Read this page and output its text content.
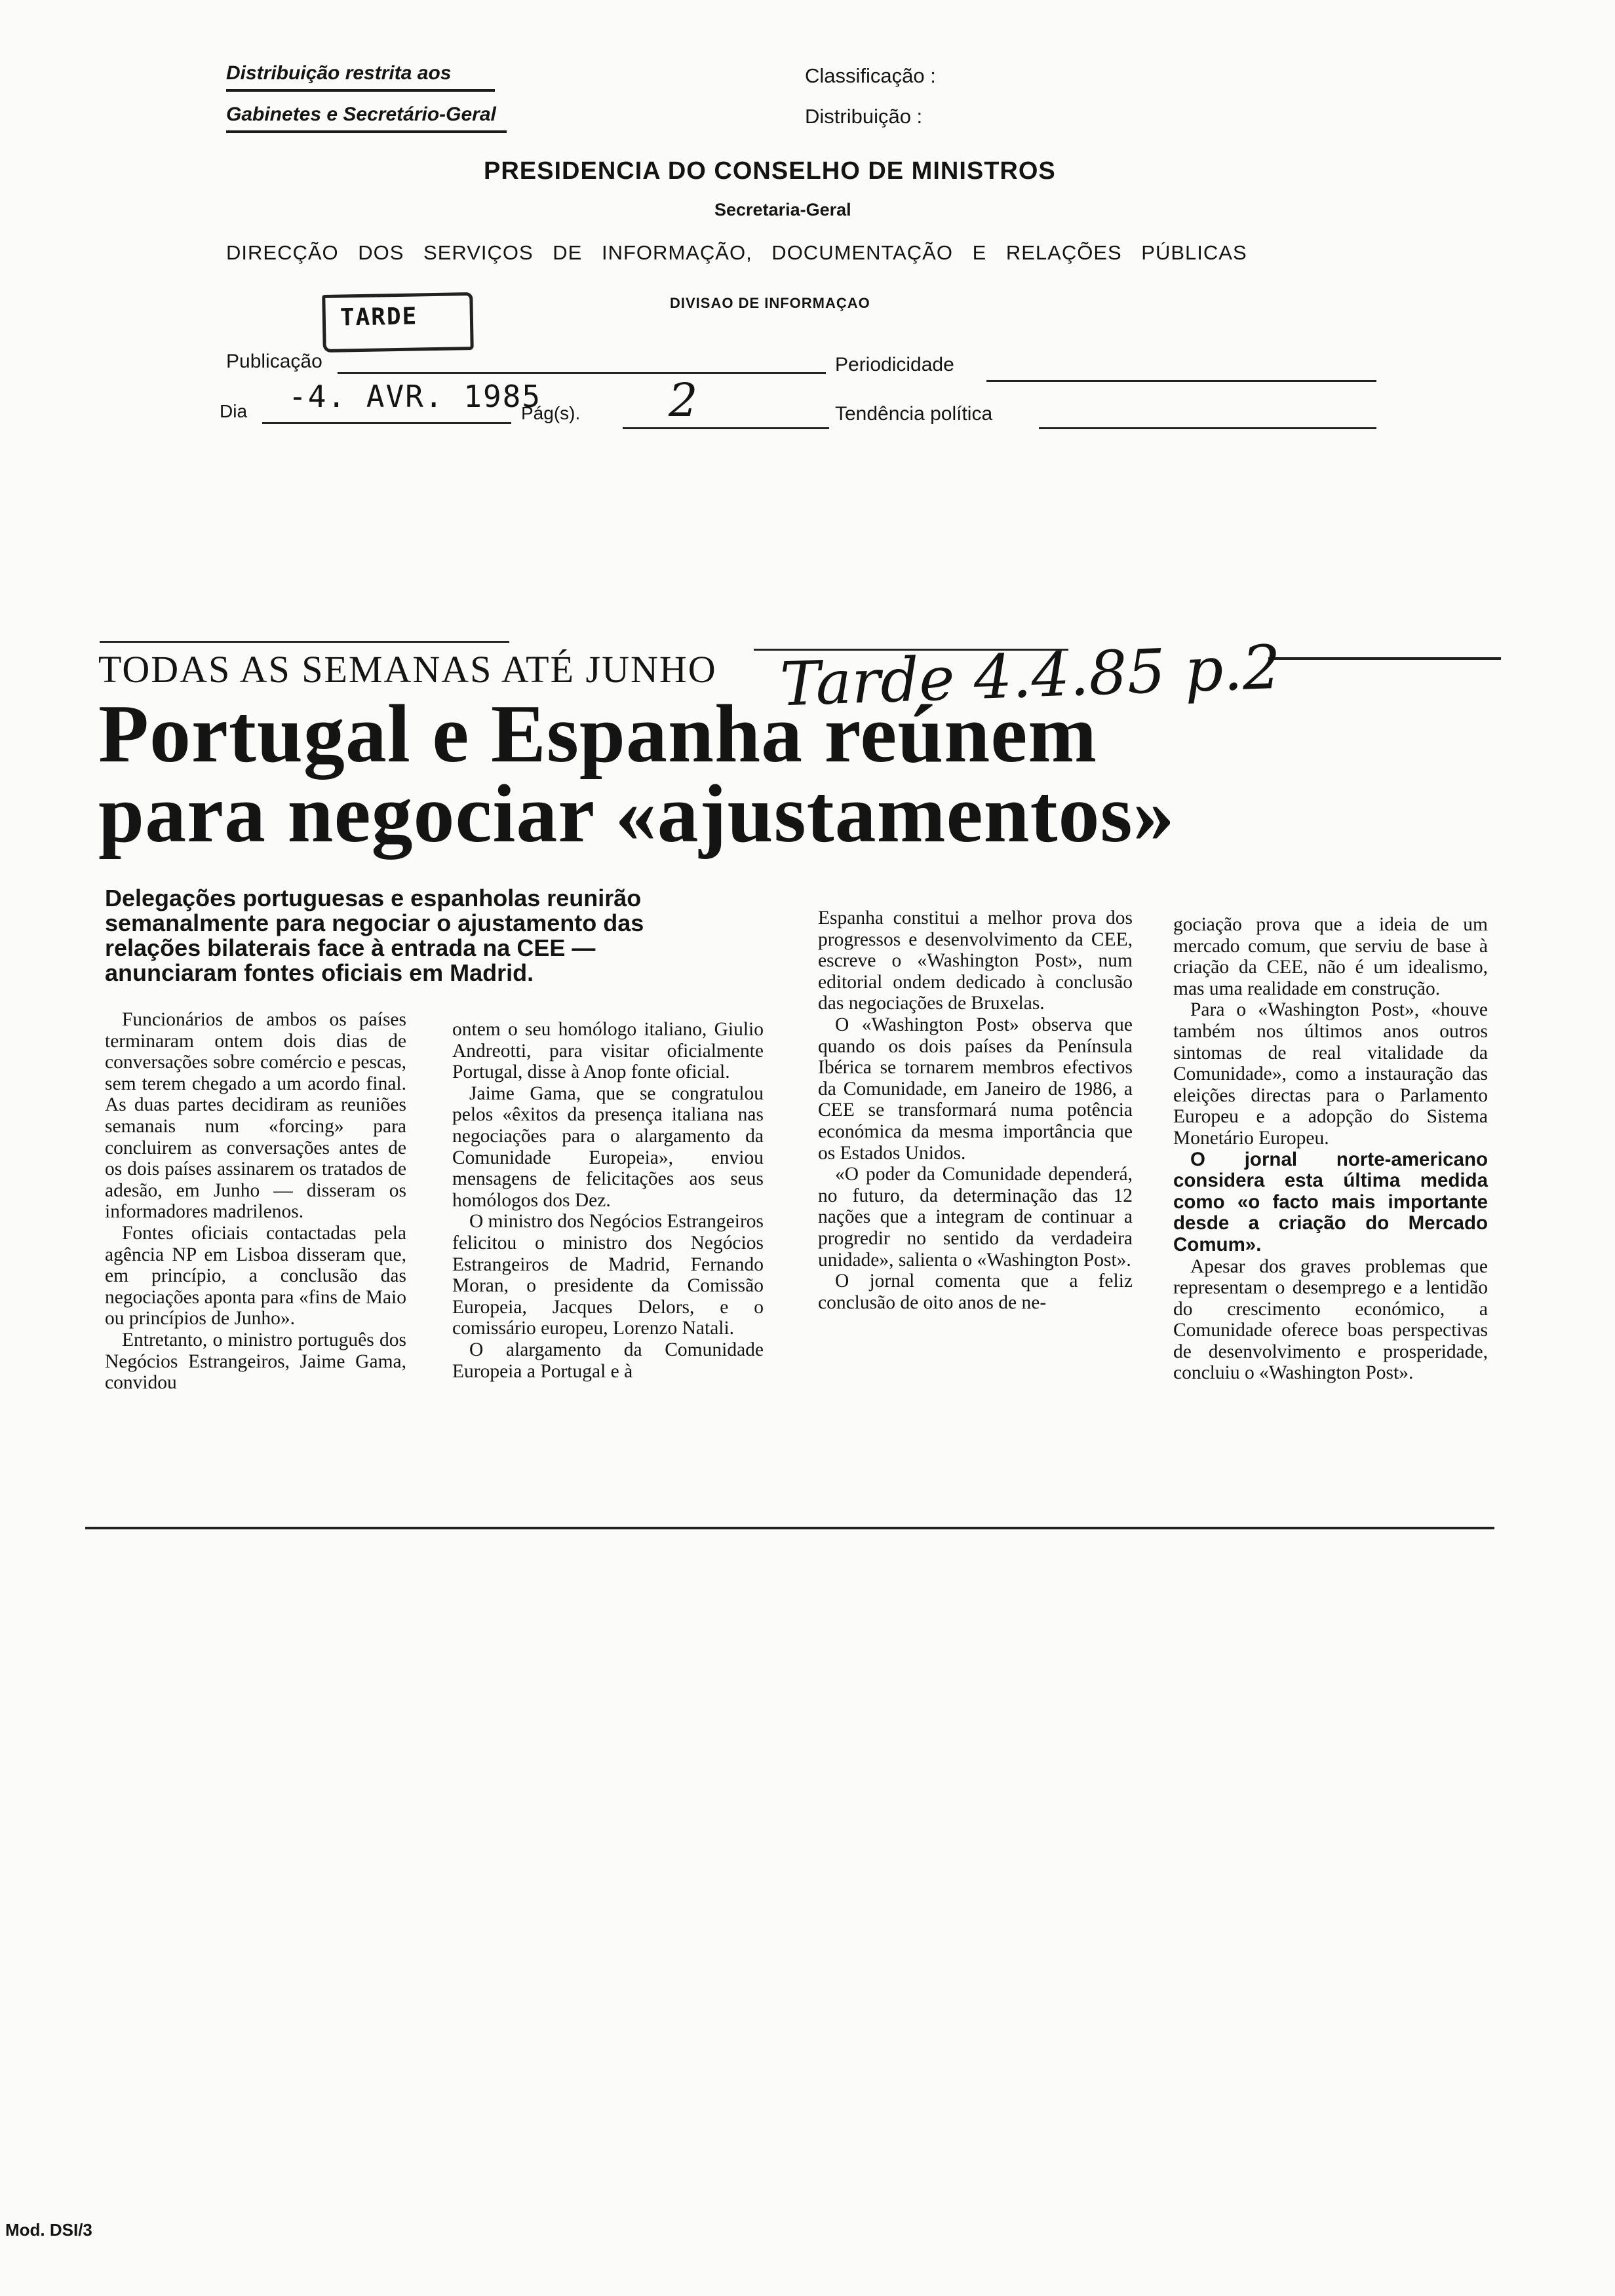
Distribuição restrita aos
Gabinetes e Secretário-Geral
Classificação :
Distribuição :
PRESIDENCIA DO CONSELHO DE MINISTROS
Secretaria-Geral
DIRECÇÃO DOS SERVIÇOS DE INFORMAÇÃO, DOCUMENTAÇÃO E RELAÇÕES PÚBLICAS
DIVISAO DE INFORMAÇAO
TARDE
Publicação	Periodicidade
Dia -4. AVR. 1985
Pág(s). 2	Tendência política
TODAS AS SEMANAS ATÉ JUNHO Tarde 4.4.85 p.2
Portugal e Espanha reúnem
para negociar «ajustamentos»
Delegações portuguesas e espanholas reunirão semanalmente para negociar o ajustamento das relações bilaterais face à entrada na CEE — anunciaram fontes oficiais em Madrid.

Funcionários de ambos os países terminaram ontem dois dias de conversações sobre comércio e pescas, sem terem chegado a um acordo final. As duas partes decidiram as reuniões semanais num «forcing» para concluirem as conversações antes de os dois países assinarem os tratados de adesão, em Junho — disseram os informadores madrilenos.

Fontes oficiais contactadas pela agência NP em Lisboa disseram que, em princípio, a conclusão das negociações aponta para «fins de Maio ou princípios de Junho».

Entretanto, o ministro português dos Negócios Estrangeiros, Jaime Gama, convidou

ontem o seu homólogo italiano, Giulio Andreotti, para visitar oficialmente Portugal, disse à Anop fonte oficial.

Jaime Gama, que se congratulou pelos «êxitos da presença italiana nas negociações para o alargamento da Comunidade Europeia», enviou mensagens de felicitações aos seus homólogos dos Dez.

O ministro dos Negócios Estrangeiros felicitou o ministro dos Negócios Estrangeiros de Madrid, Fernando Moran, o presidente da Comissão Europeia, Jacques Delors, e o comissário europeu, Lorenzo Natali.

O alargamento da Comunidade Europeia a Portugal e à

Espanha constitui a melhor prova dos progressos e desenvolvimento da CEE, escreve o «Washington Post», num editorial ondem dedicado à conclusão das negociações de Bruxelas.

O «Washington Post» observa que quando os dois países da Península Ibérica se tornarem membros efectivos da Comunidade, em Janeiro de 1986, a CEE se transformará numa potência económica da mesma importância que os Estados Unidos.

«O poder da Comunidade dependerá, no futuro, da determinação das 12 nações que a integram de continuar a progredir no sentido da verdadeira unidade», salienta o «Washington Post».

O jornal comenta que a feliz conclusão de oito anos de ne-

gociação prova que a ideia de um mercado comum, que serviu de base à criação da CEE, não é um idealismo, mas uma realidade em construção.

Para o «Washington Post», «houve também nos últimos anos outros sintomas de real vitalidade da Comunidade», como a instauração das eleições directas para o Parlamento Europeu e a adopção do Sistema Monetário Europeu.

O jornal norte-americano considera esta última medida como «o facto mais importante desde a criação do Mercado Comum».

Apesar dos graves problemas que representam o desemprego e a lentidão do crescimento económico, a Comunidade oferece boas perspectivas de desenvolvimento e prosperidade, concluiu o «Washington Post».

Mod. DSI/3
